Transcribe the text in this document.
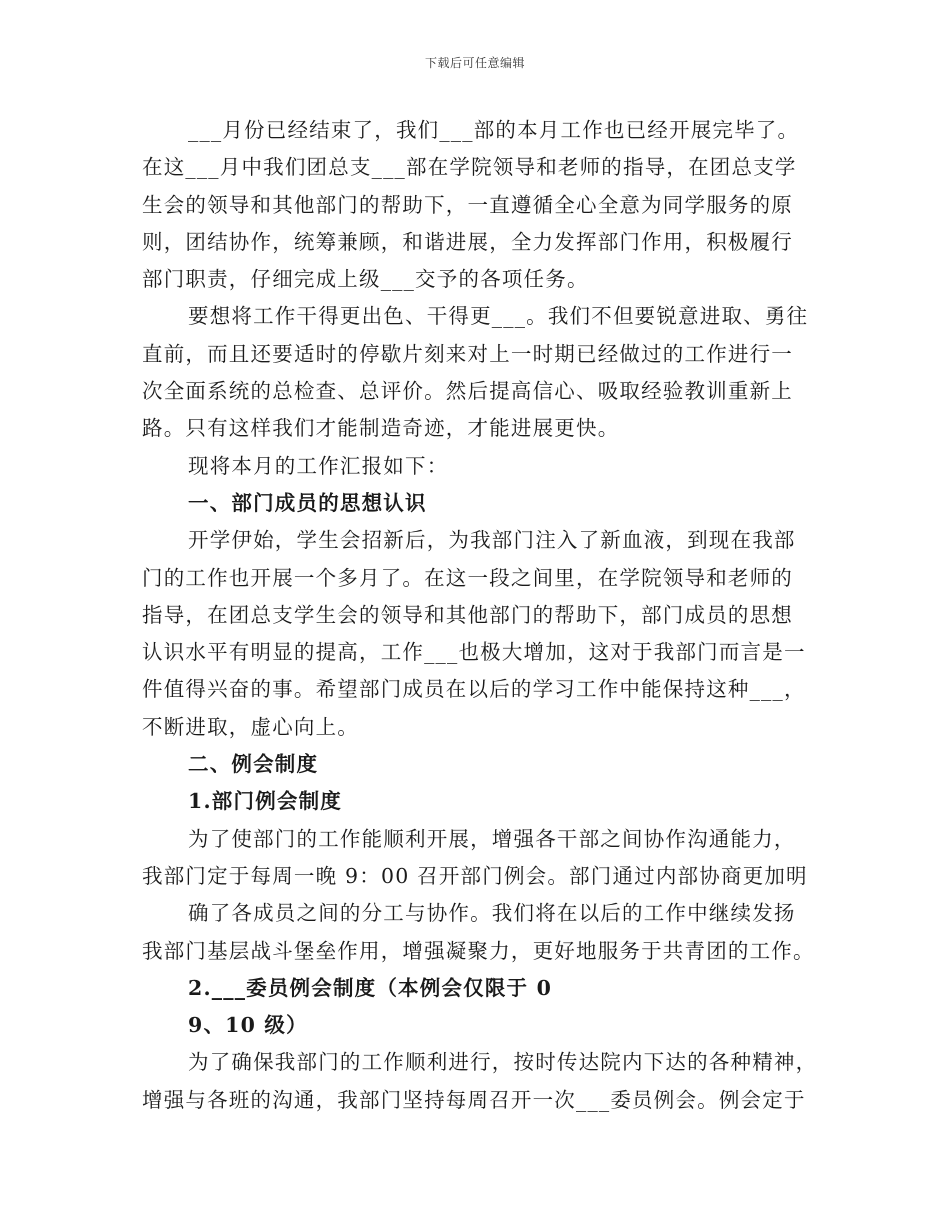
下载后可任意编辑
___月份已经结束了，我们___部的本月工作也已经开展完毕了。
在这___月中我们团总支___部在学院领导和老师的指导，在团总支学
生会的领导和其他部门的帮助下，一直遵循全心全意为同学服务的原
则，团结协作，统筹兼顾，和谐进展，全力发挥部门作用，积极履行
部门职责，仔细完成上级___交予的各项任务。
要想将工作干得更出色、干得更___。我们不但要锐意进取、勇往
直前，而且还要适时的停歇片刻来对上一时期已经做过的工作进行一
次全面系统的总检查、总评价。然后提高信心、吸取经验教训重新上
路。只有这样我们才能制造奇迹，才能进展更快。
现将本月的工作汇报如下：
一、部门成员的思想认识
开学伊始，学生会招新后，为我部门注入了新血液，到现在我部
门的工作也开展一个多月了。在这一段之间里，在学院领导和老师的
指导，在团总支学生会的领导和其他部门的帮助下，部门成员的思想
认识水平有明显的提高，工作___也极大增加，这对于我部门而言是一
件值得兴奋的事。希望部门成员在以后的学习工作中能保持这种___，
不断进取，虚心向上。
二、例会制度
1.部门例会制度
为了使部门的工作能顺利开展，增强各干部之间协作沟通能力，
我部门定于每周一晚 9：00 召开部门例会。部门通过内部协商更加明
确了各成员之间的分工与协作。我们将在以后的工作中继续发扬
我部门基层战斗堡垒作用，增强凝聚力，更好地服务于共青团的工作。
2.___委员例会制度（本例会仅限于 0
9、10 级）
为了确保我部门的工作顺利进行，按时传达院内下达的各种精神，
增强与各班的沟通，我部门坚持每周召开一次___委员例会。例会定于
